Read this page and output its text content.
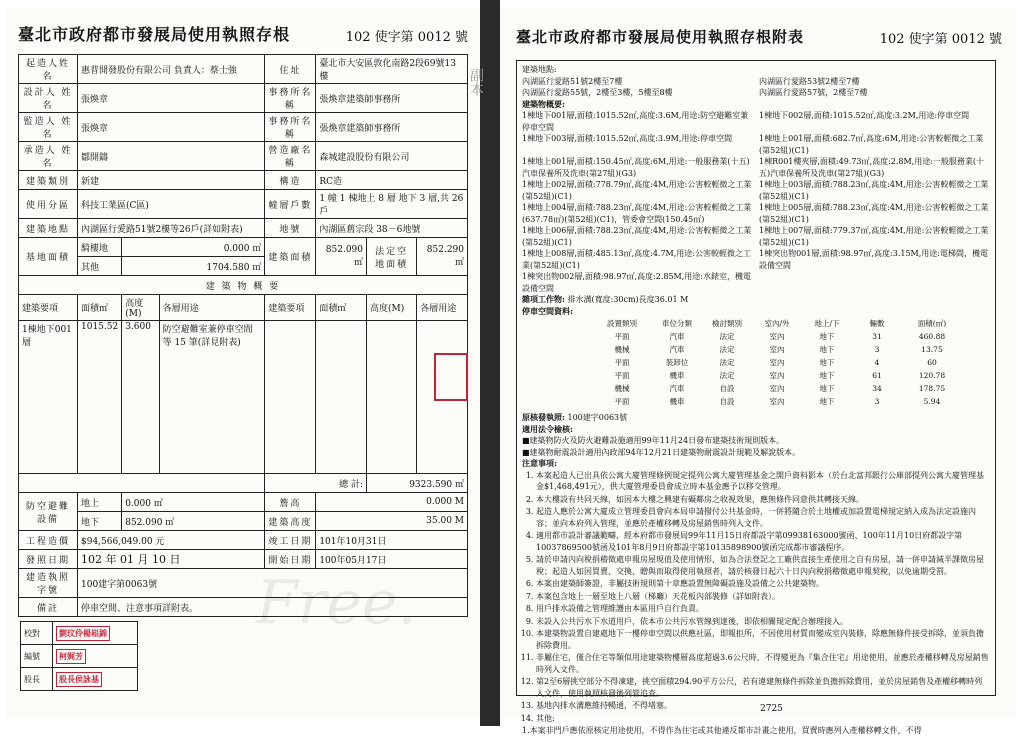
臺北市政府都市發展局使用執照存根	102 使字第 0012 號
副本
起造人姓名	惠普開發股份有限公司 負責人：蔡士強			住址	臺北市大安區敦化南路2段69號13樓		
設計人 姓名	張煥章			事務所名稱	張煥章建築師事務所		
監造人 姓名	張煥章			事務所名稱	張煥章建築師事務所		
承造人 姓名	鄒開鑄			營造廠名稱	森城建設股份有限公司		
建築類別	新建			構造	RC造		
使用分區	科技工業區(C區)			幢層戶數	1 幢 1 棟地上 8 層 地下 3 層,共 26 戶		
建築地點	內湖區行愛路51號2樓等26戶(詳如附表)			地號	內湖區舊宗段 38－6地號		
基地面積	騎樓地	0.000 ㎡		建築面積	852.090 ㎡	法定空地面積	852.290 ㎡
	其他	1704.580 ㎡					
建 築 物 概 要							
建築要項	面積㎡	高度(M)	各層用途	建築要項	面積㎡	高度(M)	各層用途
1棟地下001層	1015.52	3.600	防空避難室兼停車空間 等 15 筆(詳見附表)				
				總 計:		9323.590 ㎡	
防空避難設備	地上	0.000 ㎡		簷高	0.000 M		
	地下	852.090 ㎡		建築高度	35.00 M		
工程造價	$94,566,049.00 元			竣工日期	101年10月31日		
發照日期	102 年 01 月 10 日			開始日期	100年05月17日		
建造執照字號	100建字第0063號						
備註	停車空間、注意事項詳附表。						
校對	劉玟伶楊崧錦
編號	柯娓芳
股長	股長侯詠基
Free.
臺北市政府都市發展局使用執照存根附表	102 使字第 0012 號

建築地點:

內湖區行愛路51號2樓至7樓	內湖區行愛路53號2樓至7樓

內湖區行愛路55號，2樓至3樓，5樓至8樓	內湖區行愛路57號，2樓至7樓

建築物概要:

1棟地下001層,面積:1015.52㎡,高度:3.6M,用途:防空避難室兼停車空間

1棟地下002層,面積:1015.52㎡,高度:3.2M,用途:停車空間

1棟地下003層,面積:1015.52㎡,高度:3.9M,用途:停車空間	1棟地上001層,面積:682.7㎡,高度:6M,用途:公害較輕微之工業(第52組)(C1)

1棟地上001層,面積:150.45㎡,高度:6M,用途:一般服務業(十五)汽車保養所及洗車(第27組)(G3)

1棟R001樓夾層,面積:49.73㎡,高度:2.8M,用途:一般服務業(十五)汽車保養所及洗車(第27組)(G3)

1棟地上002層,面積:778.79㎡,高度:4M,用途:公害較輕微之工業(第52組)(C1)

1棟地上003層,面積:788.23㎡,高度:4M,用途:公害較輕微之工業(第52組)(C1)

1棟地上004層,面積:788.23㎡,高度:4M,用途:公害較輕微之工業(637.78㎡)(第52組)(C1)，管委會空間(150.45㎡)

1棟地上005層,面積:788.23㎡,高度:4M,用途:公害較輕微之工業(第52組)(C1)

1棟地上006層,面積:788.23㎡,高度:4M,用途:公害較輕微之工業(第52組)(C1)

1棟地上007層,面積:779.37㎡,高度:4M,用途:公害較輕微之工業(第52組)(C1)

1棟地上008層,面積:485.13㎡,高度:4.7M,用途:公害較輕微之工業(第52組)(C1)

1棟突出物001層,面積:98.97㎡,高度:3.15M,用途:電梯間，機電設備空間

1棟突出物002層,面積:98.97㎡,高度:2.85M,用途:水錶室，機電設備空間

雜項工作物: 排水溝(寬度:30cm)長度36.01 M

停車空間資料:

設置類別	車位分類	檢討類別	室內/外	地上/下	輛數	面積(㎡)
平面	汽車	法定	室內	地下	31	460.88
機械	汽車	法定	室內	地下	3	13.75
平面	裝卸位	法定	室內	地下	4	60
平面	機車	法定	室內	地下	61	120.78
機械	汽車	自設	室內	地下	34	178.75
平面	機車	自設	室內	地下	3	5.94

原核發執照: 100建字0063號

適用法令檢核:

■建築物防火及防火避難設施適用99年11月24日發布建築技術規則版本。

■建築物耐震設計適用內政部94年12月21日建築物耐震設計規範及解說版本。

注意事項:

1. 本案起造人已出具依公寓大廈管理條例規定提列公寓大廈管理基金之開戶資料影本（於台北富邦銀行公庫部提列公寓大廈管理基金$1,468,491元），供大廈管理委員會成立時本基金應予以移交管理。
2. 本大樓設有共同天線，如因本大樓之興建有礙鄰房之收視效果，應無條件同意供其轉接天線。
3. 起造人應於公寓大廈成立管理委員會向本局申請撥付公共基金時，一併將隨合於土地權或加設置電梯規定納入成為法定設施內容；並向本府列入管理，並應於產權移轉及房屋銷售時列入文件。
4. 適用都市設計審議範疇，經本府都市發展局99年11月15日府都設字第09938163000號函、100年11月10日府都設字第10037869500號函及101年8月9日府都設字第10135898900號函完成都市審議程序。
5. 請於申請內向稅捐稽徵處申報房屋現值及使用情形，如為合法登記之工廠供直接生產使用之自有房屋，請一併申請減半課徵房屋稅；起造人如因買賣、交換、贈與而取得使用執照者，請於核發日起六十日內向稅捐稽徵處申報契稅，以免逾期受罰。
6. 本案由建築師簽證，非屬技術規則第十章應設置無障礙設施及設備之公共建築物。
7. 本案包含地上一層至地上八層（梯廳）天花板內部裝修（詳如附表）。
8. 用戶排水設備之管理維護由本區用戶自行負責。
9. 未設入公共污水下水道用戶，依本市公共污水管線到達後，即依相關規定配合辦理接入。
10. 本建築物設置自建處地下一樓停車空間以供應社區，即報拒所，不因使用材質而變成室內裝修，除應無條件接受拆除，並須負擔拆除費用。
11. 非屬住宅，僅合住宅等類似用途建築物樓層高度超過3.6公尺時，不得變更為『集合住宅』用途使用，並應於產權移轉及房屋銷售時列入文件。
12. 第2至6層挑空部分不得凍建，挑空面積294.90平方公尺，若有違建無條件拆除並負擔拆除費用，並於房屋銷售及產權移轉時列入文件，使用執照核發後列管追查。
13. 基地內排水溝應維持暢通，不得堵塞。
14. 其他:

1.本案非門戶應依原核定用途使用，不得作為住宅或其他違反都市計畫之使用，買賣時應列入產權移轉文件，不得

2725
